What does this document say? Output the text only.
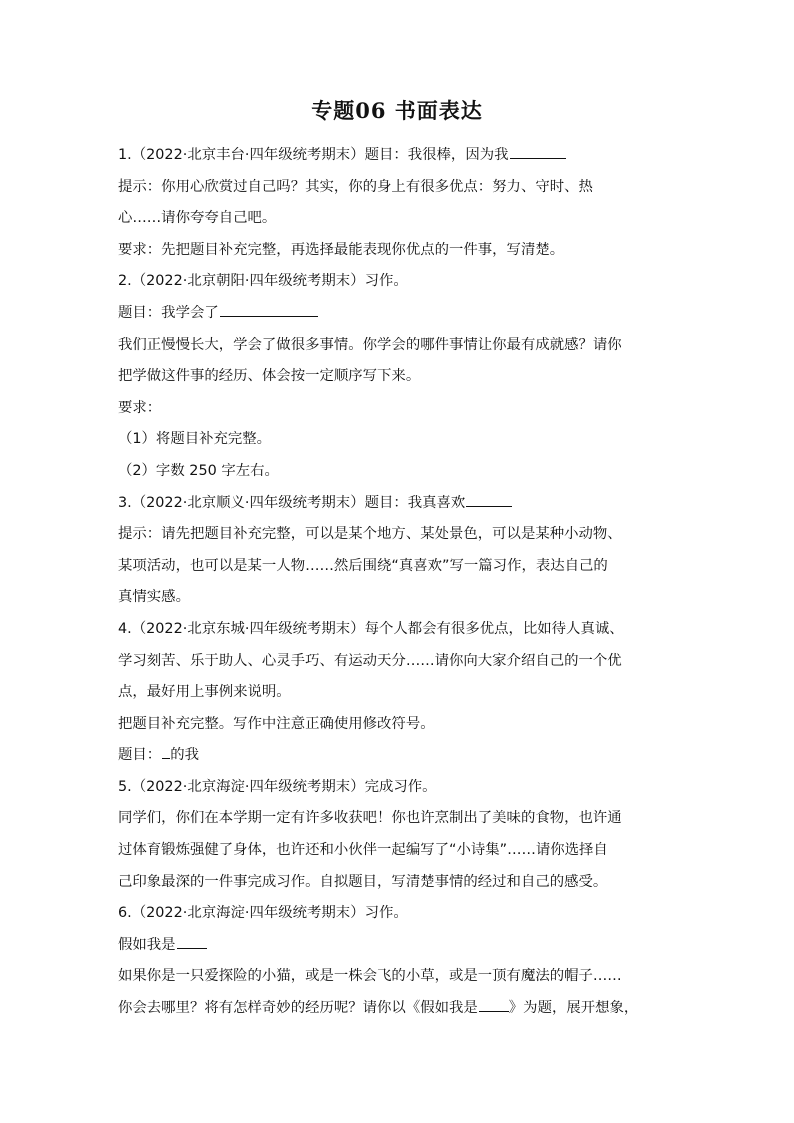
专题06 书面表达
1.（2022·北京丰台·四年级统考期末）题目：我很棒，因为我
提示：你用心欣赏过自己吗？其实，你的身上有很多优点：努力、守时、热
心……请你夸夸自己吧。
要求：先把题目补充完整，再选择最能表现你优点的一件事，写清楚。
2.（2022·北京朝阳·四年级统考期末）习作。
题目：我学会了
我们正慢慢长大，学会了做很多事情。你学会的哪件事情让你最有成就感？请你
把学做这件事的经历、体会按一定顺序写下来。
要求：
（1）将题目补充完整。
（2）字数 250 字左右。
3.（2022·北京顺义·四年级统考期末）题目：我真喜欢
提示：请先把题目补充完整，可以是某个地方、某处景色，可以是某种小动物、
某项活动，也可以是某一人物……然后围绕“真喜欢”写一篇习作，表达自己的
真情实感。
4.（2022·北京东城·四年级统考期末）每个人都会有很多优点，比如待人真诚、
学习刻苦、乐于助人、心灵手巧、有运动天分……请你向大家介绍自己的一个优
点，最好用上事例来说明。
把题目补充完整。写作中注意正确使用修改符号。
题目： 的我
5.（2022·北京海淀·四年级统考期末）完成习作。
同学们，你们在本学期一定有许多收获吧！你也许烹制出了美味的食物，也许通
过体育锻炼强健了身体，也许还和小伙伴一起编写了“小诗集”……请你选择自
己印象最深的一件事完成习作。自拟题目，写清楚事情的经过和自己的感受。
6.（2022·北京海淀·四年级统考期末）习作。
假如我是
如果你是一只爱探险的小猫，或是一株会飞的小草，或是一顶有魔法的帽子……
你会去哪里？将有怎样奇妙的经历呢？请你以《假如我是 》为题，展开想象，
